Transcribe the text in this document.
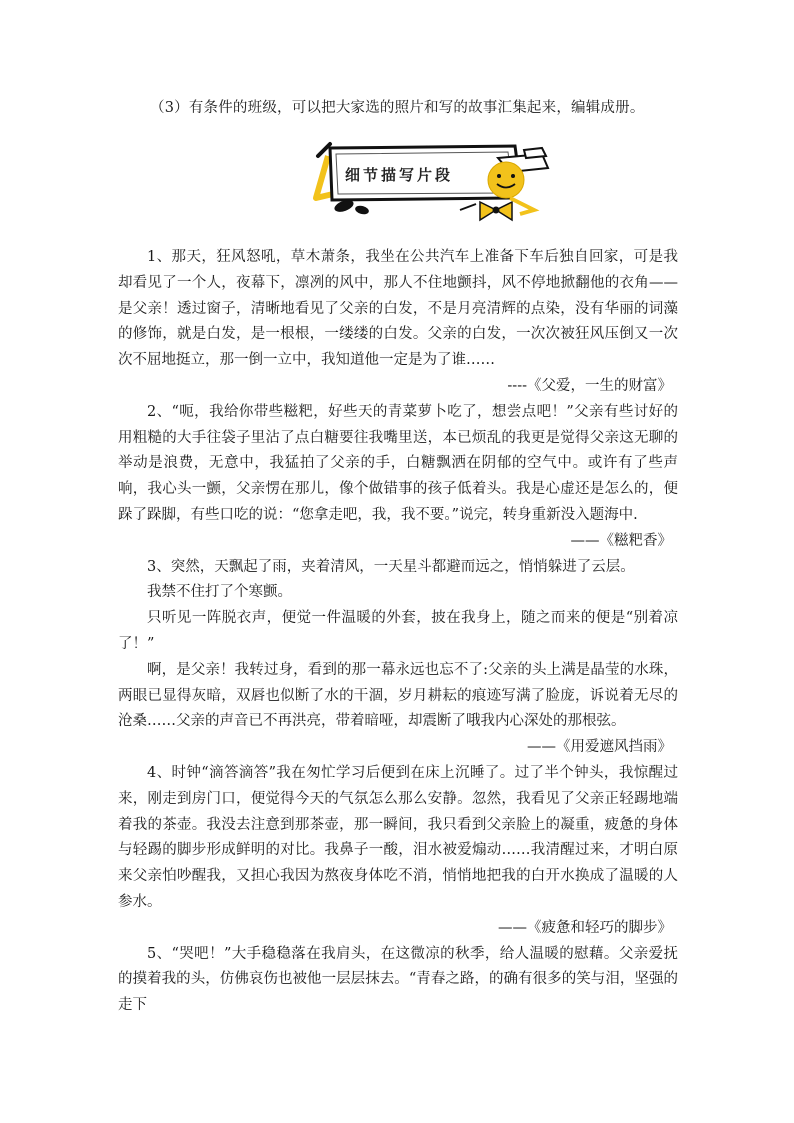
（3）有条件的班级，可以把大家选的照片和写的故事汇集起来，编辑成册。
细节描写片段

1、那天，狂风怒吼，草木萧条，我坐在公共汽车上准备下车后独自回家，可是我却看见了一个人，夜幕下，凛冽的风中，那人不住地颤抖，风不停地掀翻他的衣角——是父亲！透过窗子，清晰地看见了父亲的白发，不是月亮清辉的点染，没有华丽的词藻的修饰，就是白发，是一根根，一缕缕的白发。父亲的白发，一次次被狂风压倒又一次次不屈地挺立，那一倒一立中，我知道他一定是为了谁……

----《父爱，一生的财富》

2、“呃，我给你带些糍粑，好些天的青菜萝卜吃了，想尝点吧！”父亲有些讨好的用粗糙的大手往袋子里沾了点白糖要往我嘴里送，本已烦乱的我更是觉得父亲这无聊的举动是浪费，无意中，我猛拍了父亲的手，白糖飘洒在阴郁的空气中。或许有了些声响，我心头一颤，父亲愣在那儿，像个做错事的孩子低着头。我是心虚还是怎么的，便跺了跺脚，有些口吃的说：“您拿走吧，我，我不要。”说完，转身重新没入题海中.

——《糍粑香》

3、突然，天飘起了雨，夹着清风，一天星斗都避而远之，悄悄躲进了云层。

我禁不住打了个寒颤。

只听见一阵脱衣声，便觉一件温暖的外套，披在我身上，随之而来的便是“别着凉了！”

啊，是父亲！我转过身，看到的那一幕永远也忘不了:父亲的头上满是晶莹的水珠，两眼已显得灰暗，双唇也似断了水的干涸，岁月耕耘的痕迹写满了脸庞，诉说着无尽的沧桑……父亲的声音已不再洪亮，带着暗哑，却震断了哦我内心深处的那根弦。

——《用爱遮风挡雨》

4、时钟“滴答滴答”我在匆忙学习后便到在床上沉睡了。过了半个钟头，我惊醒过来，刚走到房门口，便觉得今天的气氛怎么那么安静。忽然，我看见了父亲正轻踢地端着我的茶壶。我没去注意到那茶壶，那一瞬间，我只看到父亲脸上的凝重，疲惫的身体与轻踢的脚步形成鲜明的对比。我鼻子一酸，泪水被爱煽动……我清醒过来，才明白原来父亲怕吵醒我，又担心我因为熬夜身体吃不消，悄悄地把我的白开水换成了温暖的人参水。

——《疲惫和轻巧的脚步》

5、“哭吧！”大手稳稳落在我肩头，在这微凉的秋季，给人温暖的慰藉。父亲爱抚的摸着我的头，仿佛哀伤也被他一层层抹去。“青春之路，的确有很多的笑与泪，坚强的走下
